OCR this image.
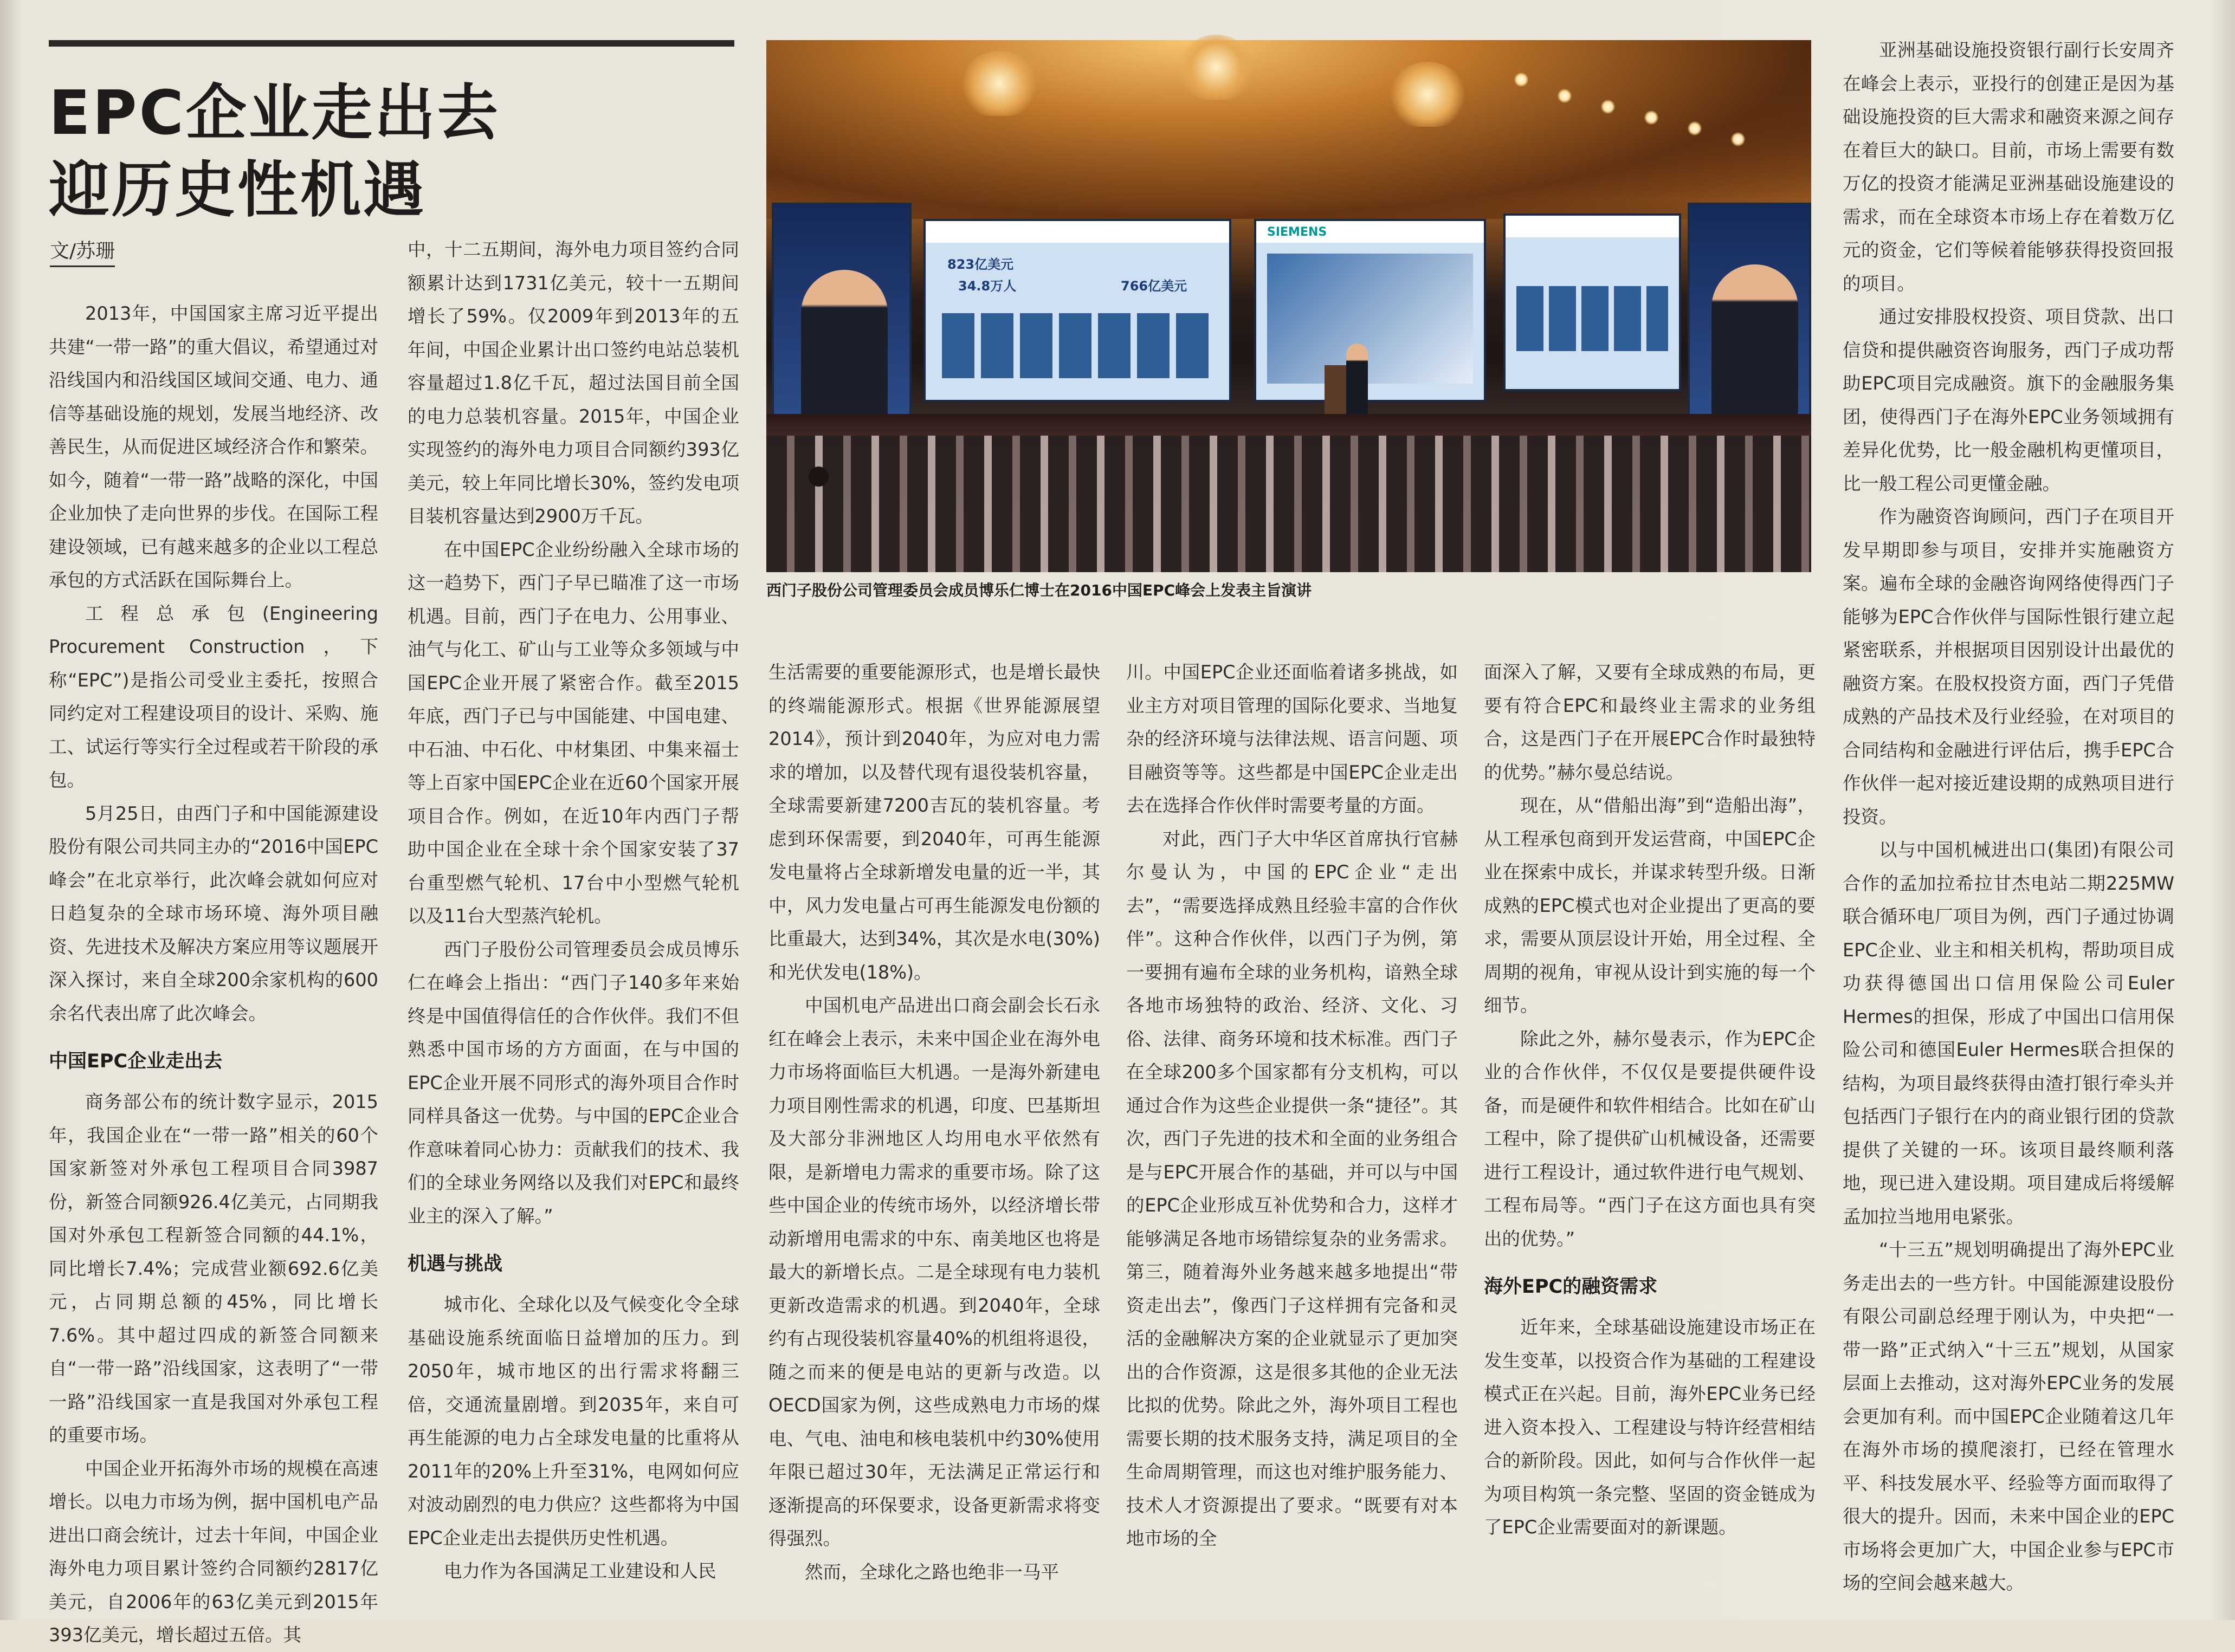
EPC企业走出去
迎历史性机遇
文/苏珊

2013年，中国国家主席习近平提出共建“一带一路”的重大倡议，希望通过对沿线国内和沿线国区域间交通、电力、通信等基础设施的规划，发展当地经济、改善民生，从而促进区域经济合作和繁荣。如今，随着“一带一路”战略的深化，中国企业加快了走向世界的步伐。在国际工程建设领域，已有越来越多的企业以工程总承包的方式活跃在国际舞台上。

工程总承包(Engineering Procurement Construction，下称“EPC”)是指公司受业主委托，按照合同约定对工程建设项目的设计、采购、施工、试运行等实行全过程或若干阶段的承包。

5月25日，由西门子和中国能源建设股份有限公司共同主办的“2016中国EPC峰会”在北京举行，此次峰会就如何应对日趋复杂的全球市场环境、海外项目融资、先进技术及解决方案应用等议题展开深入探讨，来自全球200余家机构的600余名代表出席了此次峰会。

中国EPC企业走出去

商务部公布的统计数字显示，2015年，我国企业在“一带一路”相关的60个国家新签对外承包工程项目合同3987份，新签合同额926.4亿美元，占同期我国对外承包工程新签合同额的44.1%，同比增长7.4%；完成营业额692.6亿美元，占同期总额的45%，同比增长7.6%。其中超过四成的新签合同额来自“一带一路”沿线国家，这表明了“一带一路”沿线国家一直是我国对外承包工程的重要市场。

中国企业开拓海外市场的规模在高速增长。以电力市场为例，据中国机电产品进出口商会统计，过去十年间，中国企业海外电力项目累计签约合同额约2817亿美元，自2006年的63亿美元到2015年393亿美元，增长超过五倍。其

中，十二五期间，海外电力项目签约合同额累计达到1731亿美元，较十一五期间增长了59%。仅2009年到2013年的五年间，中国企业累计出口签约电站总装机容量超过1.8亿千瓦，超过法国目前全国的电力总装机容量。2015年，中国企业实现签约的海外电力项目合同额约393亿美元，较上年同比增长30%，签约发电项目装机容量达到2900万千瓦。

在中国EPC企业纷纷融入全球市场的这一趋势下，西门子早已瞄准了这一市场机遇。目前，西门子在电力、公用事业、油气与化工、矿山与工业等众多领域与中国EPC企业开展了紧密合作。截至2015年底，西门子已与中国能建、中国电建、中石油、中石化、中材集团、中集来福士等上百家中国EPC企业在近60个国家开展项目合作。例如，在近10年内西门子帮助中国企业在全球十余个国家安装了37台重型燃气轮机、17台中小型燃气轮机以及11台大型蒸汽轮机。

西门子股份公司管理委员会成员博乐仁在峰会上指出：“西门子140多年来始终是中国值得信任的合作伙伴。我们不但熟悉中国市场的方方面面，在与中国的EPC企业开展不同形式的海外项目合作时同样具备这一优势。与中国的EPC企业合作意味着同心协力：贡献我们的技术、我们的全球业务网络以及我们对EPC和最终业主的深入了解。”

机遇与挑战

城市化、全球化以及气候变化令全球基础设施系统面临日益增加的压力。到2050年，城市地区的出行需求将翻三倍，交通流量剧增。到2035年，来自可再生能源的电力占全球发电量的比重将从2011年的20%上升至31%，电网如何应对波动剧烈的电力供应？这些都将为中国EPC企业走出去提供历史性机遇。

电力作为各国满足工业建设和人民

823亿美元
34.8万人	766亿美元
SIEMENS
西门子股份公司管理委员会成员博乐仁博士在2016中国EPC峰会上发表主旨演讲

生活需要的重要能源形式，也是增长最快的终端能源形式。根据《世界能源展望2014》，预计到2040年，为应对电力需求的增加，以及替代现有退役装机容量，全球需要新建7200吉瓦的装机容量。考虑到环保需要，到2040年，可再生能源发电量将占全球新增发电量的近一半，其中，风力发电量占可再生能源发电份额的比重最大，达到34%，其次是水电(30%)和光伏发电(18%)。

中国机电产品进出口商会副会长石永红在峰会上表示，未来中国企业在海外电力市场将面临巨大机遇。一是海外新建电力项目刚性需求的机遇，印度、巴基斯坦及大部分非洲地区人均用电水平依然有限，是新增电力需求的重要市场。除了这些中国企业的传统市场外，以经济增长带动新增用电需求的中东、南美地区也将是最大的新增长点。二是全球现有电力装机更新改造需求的机遇。到2040年，全球约有占现役装机容量40%的机组将退役，随之而来的便是电站的更新与改造。以OECD国家为例，这些成熟电力市场的煤电、气电、油电和核电装机中约30%使用年限已超过30年，无法满足正常运行和逐渐提高的环保要求，设备更新需求将变得强烈。

然而，全球化之路也绝非一马平

川。中国EPC企业还面临着诸多挑战，如业主方对项目管理的国际化要求、当地复杂的经济环境与法律法规、语言问题、项目融资等等。这些都是中国EPC企业走出去在选择合作伙伴时需要考量的方面。

对此，西门子大中华区首席执行官赫尔曼认为，中国的EPC企业“走出去”，“需要选择成熟且经验丰富的合作伙伴”。这种合作伙伴，以西门子为例，第一要拥有遍布全球的业务机构，谙熟全球各地市场独特的政治、经济、文化、习俗、法律、商务环境和技术标准。西门子在全球200多个国家都有分支机构，可以通过合作为这些企业提供一条“捷径”。其次，西门子先进的技术和全面的业务组合是与EPC开展合作的基础，并可以与中国的EPC企业形成互补优势和合力，这样才能够满足各地市场错综复杂的业务需求。第三，随着海外业务越来越多地提出“带资走出去”，像西门子这样拥有完备和灵活的金融解决方案的企业就显示了更加突出的合作资源，这是很多其他的企业无法比拟的优势。除此之外，海外项目工程也需要长期的技术服务支持，满足项目的全生命周期管理，而这也对维护服务能力、技术人才资源提出了要求。“既要有对本地市场的全

面深入了解，又要有全球成熟的布局，更要有符合EPC和最终业主需求的业务组合，这是西门子在开展EPC合作时最独特的优势。”赫尔曼总结说。

现在，从“借船出海”到“造船出海”，从工程承包商到开发运营商，中国EPC企业在探索中成长，并谋求转型升级。日渐成熟的EPC模式也对企业提出了更高的要求，需要从顶层设计开始，用全过程、全周期的视角，审视从设计到实施的每一个细节。

除此之外，赫尔曼表示，作为EPC企业的合作伙伴，不仅仅是要提供硬件设备，而是硬件和软件相结合。比如在矿山工程中，除了提供矿山机械设备，还需要进行工程设计，通过软件进行电气规划、工程布局等。“西门子在这方面也具有突出的优势。”

海外EPC的融资需求

近年来，全球基础设施建设市场正在发生变革，以投资合作为基础的工程建设模式正在兴起。目前，海外EPC业务已经进入资本投入、工程建设与特许经营相结合的新阶段。因此，如何与合作伙伴一起为项目构筑一条完整、坚固的资金链成为了EPC企业需要面对的新课题。

亚洲基础设施投资银行副行长安周齐在峰会上表示，亚投行的创建正是因为基础设施投资的巨大需求和融资来源之间存在着巨大的缺口。目前，市场上需要有数万亿的投资才能满足亚洲基础设施建设的需求，而在全球资本市场上存在着数万亿元的资金，它们等候着能够获得投资回报的项目。

通过安排股权投资、项目贷款、出口信贷和提供融资咨询服务，西门子成功帮助EPC项目完成融资。旗下的金融服务集团，使得西门子在海外EPC业务领域拥有差异化优势，比一般金融机构更懂项目，比一般工程公司更懂金融。

作为融资咨询顾问，西门子在项目开发早期即参与项目，安排并实施融资方案。遍布全球的金融咨询网络使得西门子能够为EPC合作伙伴与国际性银行建立起紧密联系，并根据项目因别设计出最优的融资方案。在股权投资方面，西门子凭借成熟的产品技术及行业经验，在对项目的合同结构和金融进行评估后，携手EPC合作伙伴一起对接近建设期的成熟项目进行投资。

以与中国机械进出口(集团)有限公司合作的孟加拉希拉甘杰电站二期225MW联合循环电厂项目为例，西门子通过协调EPC企业、业主和相关机构，帮助项目成功获得德国出口信用保险公司Euler Hermes的担保，形成了中国出口信用保险公司和德国Euler Hermes联合担保的结构，为项目最终获得由渣打银行牵头并包括西门子银行在内的商业银行团的贷款提供了关键的一环。该项目最终顺利落地，现已进入建设期。项目建成后将缓解孟加拉当地用电紧张。

“十三五”规划明确提出了海外EPC业务走出去的一些方针。中国能源建设股份有限公司副总经理于刚认为，中央把“一带一路”正式纳入“十三五”规划，从国家层面上去推动，这对海外EPC业务的发展会更加有利。而中国EPC企业随着这几年在海外市场的摸爬滚打，已经在管理水平、科技发展水平、经验等方面而取得了很大的提升。因而，未来中国企业的EPC市场将会更加广大，中国企业参与EPC市场的空间会越来越大。
